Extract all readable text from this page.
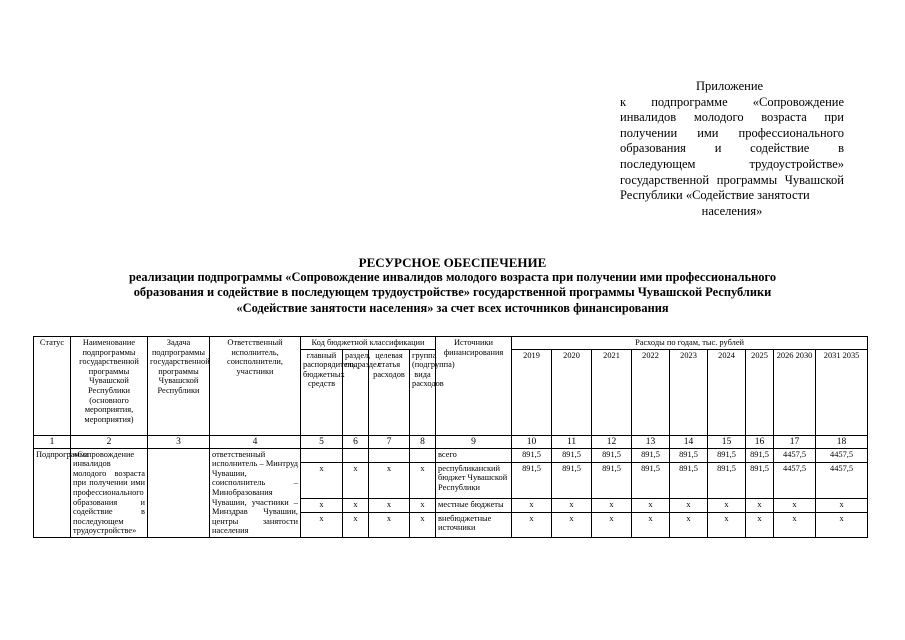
Приложение
к подпрограмме «Сопровождение инвалидов молодого возраста при получении ими профессионального образования и содействие в последующем трудоустройстве» государственной программы Чувашской Республики «Содействие занятости
населения»
РЕСУРСНОЕ ОБЕСПЕЧЕНИЕ
реализации подпрограммы «Сопровождение инвалидов молодого возраста при получении ими профессионального
образования и содействие в последующем трудоустройстве» государственной программы Чувашской Республики
«Содействие занятости населения» за счет всех источников финансирования
Статус	Наименование подпрограммы государственной программы Чувашской Республики (основного мероприятия, мероприятия)	Задача подпрограммы государственной программы Чувашской Республики	Ответственный исполнитель, соисполнители, участники	Код бюджетной классификации				Источники финансирования	Расходы по годам, тыс. рублей								
				главный распорядитель бюджетных средств	раздел, подраздел	целевая статья расходов	группа (подгруппа) вида расходов		2019	2020	2021	2022	2023	2024	2025	2026 2030	2031 2035
1	2	3	4	5	6	7	8	9	10	11	12	13	14	15	16	17	18
Подпрограмма	«Сопровождение инвалидов молодого возраста при получении ими профессионального образования и содействие в последующем трудоустройстве»		ответственный исполнитель – Минтруд Чувашии, соисполнитель – Минобразования Чувашии, участники – Минздрав Чувашии, центры занятости населения					всего	891,5	891,5	891,5	891,5	891,5	891,5	891,5	4457,5	4457,5
				x	x	x	x	республиканский бюджет Чувашской Республики	891,5	891,5	891,5	891,5	891,5	891,5	891,5	4457,5	4457,5
				x	x	x	x	местные бюджеты	x	x	x	x	x	x	x	x	x
				x	x	x	x	внебюджетные источники	x	x	x	x	x	x	x	x	x
